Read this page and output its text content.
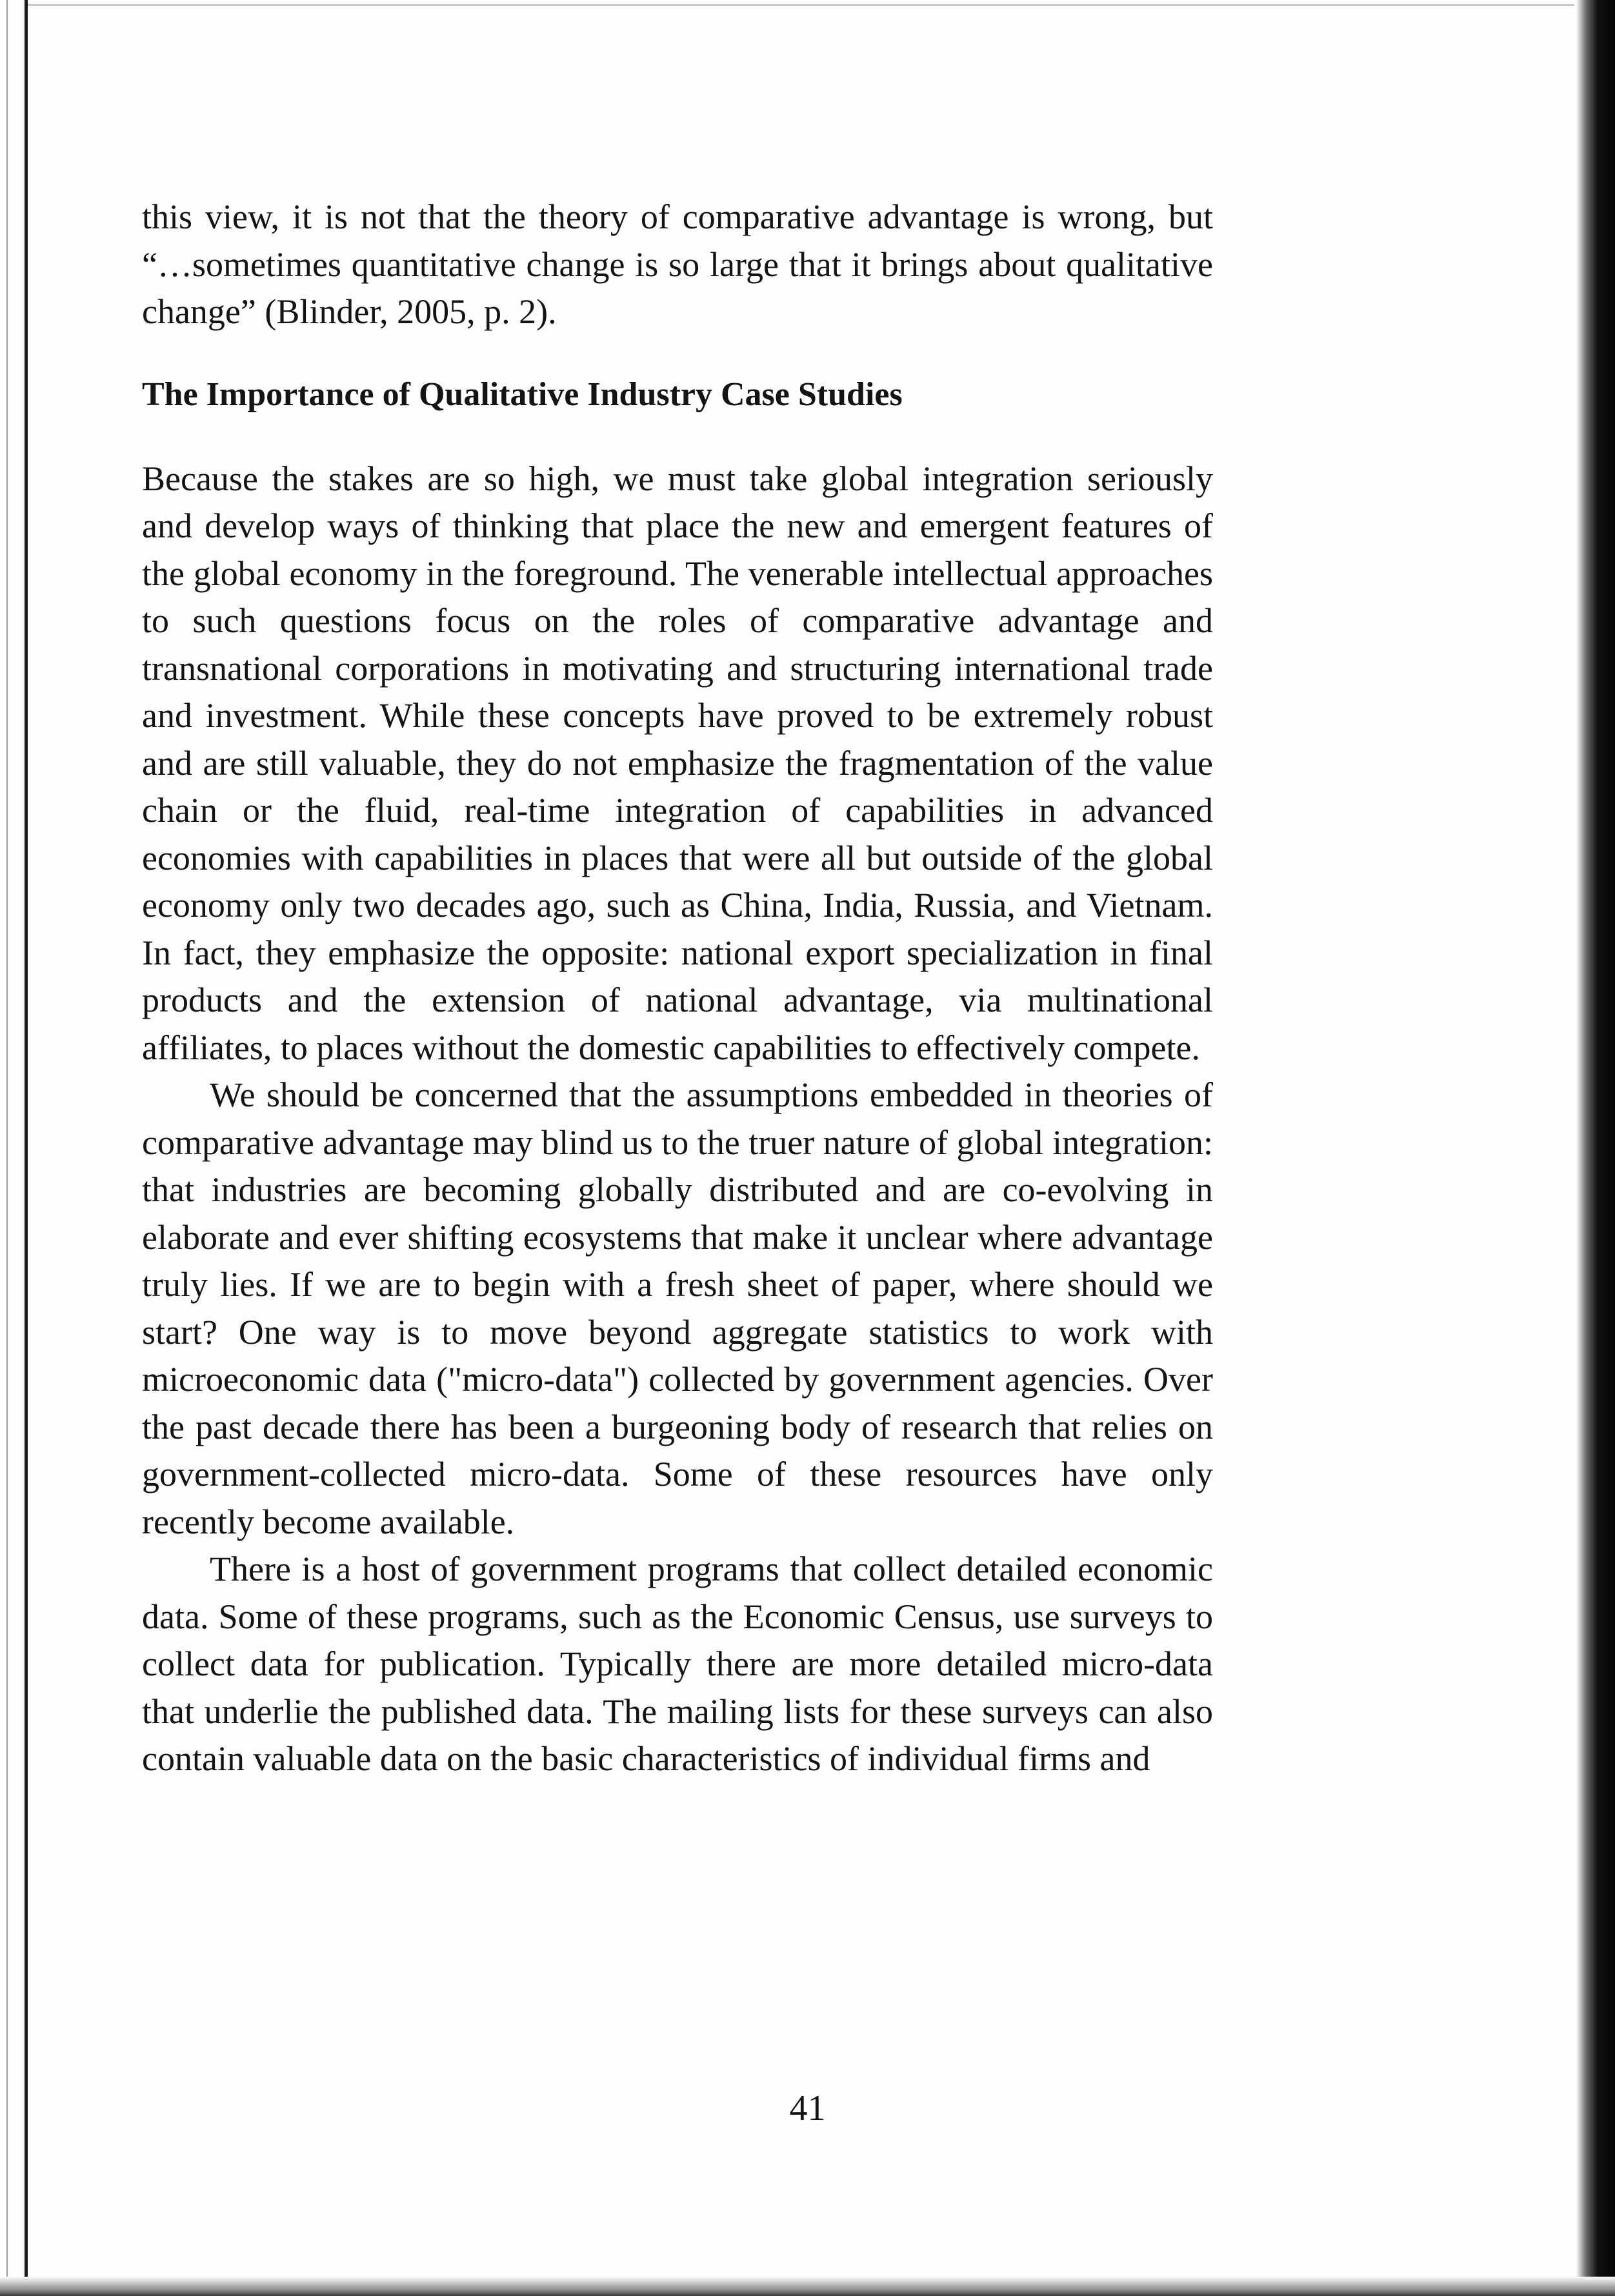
this view, it is not that the theory of comparative advantage is wrong, but “…sometimes quantitative change is so large that it brings about qualitative change” (Blinder, 2005, p. 2).

The Importance of Qualitative Industry Case Studies

Because the stakes are so high, we must take global integration seriously and develop ways of thinking that place the new and emergent features of the global economy in the foreground. The venerable intellectual approaches to such questions focus on the roles of comparative advantage and transnational corporations in motivating and structuring international trade and investment. While these concepts have proved to be extremely robust and are still valuable, they do not emphasize the fragmentation of the value chain or the fluid, real-time integration of capabilities in advanced economies with capabilities in places that were all but outside of the global economy only two decades ago, such as China, India, Russia, and Vietnam. In fact, they emphasize the opposite: national export specialization in final products and the extension of national advantage, via multinational affiliates, to places without the domestic capabilities to effectively compete.

We should be concerned that the assumptions embedded in theories of comparative advantage may blind us to the truer nature of global integration: that industries are becoming globally distributed and are co-evolving in elaborate and ever shifting ecosystems that make it unclear where advantage truly lies. If we are to begin with a fresh sheet of paper, where should we start? One way is to move beyond aggregate statistics to work with microeconomic data ("micro-data") collected by government agencies. Over the past decade there has been a burgeoning body of research that relies on government-collected micro-data. Some of these resources have only recently become available.

There is a host of government programs that collect detailed economic data. Some of these programs, such as the Economic Census, use surveys to collect data for publication. Typically there are more detailed micro-data that underlie the published data. The mailing lists for these surveys can also contain valuable data on the basic characteristics of individual firms and

41
